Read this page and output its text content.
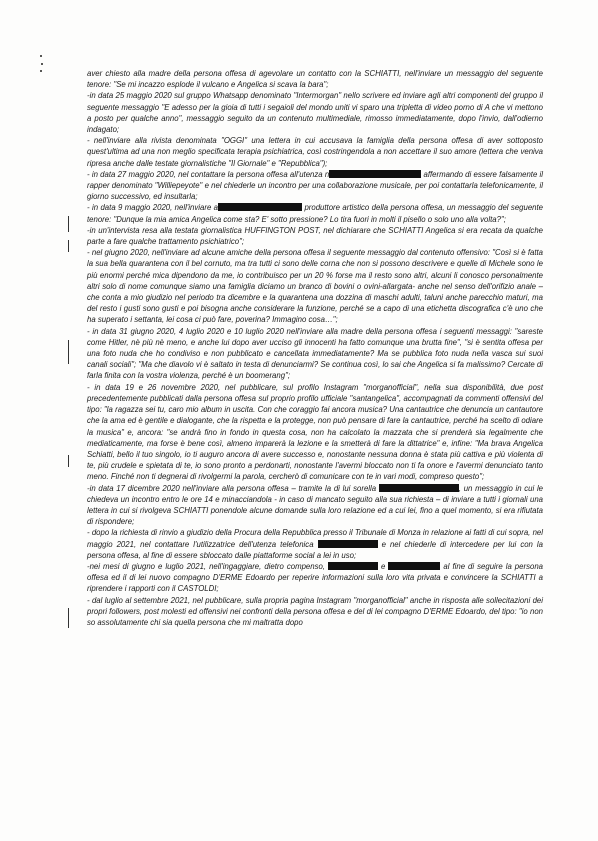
aver chiesto alla madre della persona offesa di agevolare un contatto con la SCHIATTI, nell'inviare un messaggio del seguente tenore: "Se mi incazzo esplode il vulcano e Angelica si scava la bara";

-in data 25 maggio 2020 sul gruppo Whatsapp denominato "Intermorgan" nello scrivere ed inviare agli altri componenti del gruppo il seguente messaggio "E adesso per la gioia di tutti i segaioli del mondo uniti vi sparo una tripletta di video porno di A che vi mettono a posto per qualche anno", messaggio seguito da un contenuto multimediale, rimosso immediatamente, dopo l'invio, dall'odierno indagato;

- nell'inviare alla rivista denominata "OGGI" una lettera in cui accusava la famiglia della persona offesa di aver sottoposto quest'ultima ad una non meglio specificata terapia psichiatrica, così costringendola a non accettare il suo amore (lettera che veniva ripresa anche dalle testate giornalistiche "Il Giornale" e "Repubblica");

- in data 27 maggio 2020, nel contattare la persona offesa all'utenza n	affermando di essere falsamente il rapper denominato "Williepeyote" e nel chiederle un incontro per una collaborazione musicale, per poi contattarla telefonicamente, il giorno successivo, ed insultarla;

- in data 9 maggio 2020, nell'inviare a	produttore artistico della persona offesa, un messaggio del seguente tenore: "Dunque la mia amica Angelica come sta? E' sotto pressione? Lo tira fuori in molti il pisello o solo uno alla volta?";

-in un'intervista resa alla testata giornalistica HUFFINGTON POST, nel dichiarare che SCHIATTI Angelica si era recata da qualche parte a fare qualche trattamento psichiatrico";

- nel giugno 2020, nell'inviare ad alcune amiche della persona offesa il seguente messaggio dal contenuto offensivo: "Così si è fatta la sua bella quarantena con il bel cornuto, ma tra tutti ci sono delle corna che non si possono descrivere e quelle di Michele sono le più enormi perché mica dipendono da me, io contribuisco per un 20 % forse ma il resto sono altri, alcuni li conosco personalmente altri solo di nome comunque siamo una famiglia diciamo un branco di bovini o ovini-allargata- anche nel senso dell'orifizio anale – che conta a mio giudizio nel periodo tra dicembre e la quarantena una dozzina di maschi adulti, taluni anche parecchio maturi, ma del resto i gusti sono gusti e poi bisogna anche considerare la funzione, perché se a capo di una etichetta discografica c'è uno che ha superato i settanta, lei cosa ci può fare, poverina? Immagino cosa…";

- in data 31 giugno 2020, 4 luglio 2020 e 10 luglio 2020 nell'inviare alla madre della persona offesa i seguenti messaggi: "sareste come Hitler, nè più nè meno, e anche lui dopo aver ucciso gli innocenti ha fatto comunque una brutta fine", "si è sentita offesa per una foto nuda che ho condiviso e non pubblicato e cancellata immediatamente? Ma se pubblica foto nuda nella vasca sui suoi canali sociali"; "Ma che diavolo vi è saltato in testa di denunciarmi? Se continua così, lo sai che Angelica si fa malissimo? Cercate di farla finita con la vostra violenza, perché è un boomerang";

- in data 19 e 26 novembre 2020, nel pubblicare, sul profilo Instagram "morganofficial", nella sua disponibilità, due post precedentemente pubblicati dalla persona offesa sul proprio profilo ufficiale "santangelica", accompagnati da commenti offensivi del tipo: "la ragazza sei tu, caro mio album in uscita. Con che coraggio fai ancora musica? Una cantautrice che denuncia un cantautore che la ama ed è gentile e dialogante, che la rispetta e la protegge, non può pensare di fare la cantautrice, perché ha scelto di odiare la musica" e, ancora: "se andrà fino in fondo in questa cosa, non ha calcolato la mazzata che si prenderà sia legalmente che mediaticamente, ma forse è bene così, almeno imparerà la lezione e la smetterà di fare la dittatrice" e, infine: "Ma brava Angelica Schiatti, bello il tuo singolo, io ti auguro ancora di avere successo e, nonostante nessuna donna è stata più cattiva e più violenta di te, più crudele e spietata di te, io sono pronto a perdonarti, nonostante l'avermi bloccato non ti fa onore e l'avermi denunciato tanto meno. Finché non ti degnerai di rivolgermi la parola, cercherò di comunicare con te in vari modi, compreso questo";

-in data 17 dicembre 2020 nell'inviare alla persona offesa – tramite la di lui sorella	, un messaggio in cui le chiedeva un incontro entro le ore 14 e minacciandola - in caso di mancato seguito alla sua richiesta – di inviare a tutti i giornali una lettera in cui si rivolgeva SCHIATTI ponendole alcune domande sulla loro relazione ed a cui lei, fino a quel momento, si era rifiutata di rispondere;

- dopo la richiesta di rinvio a giudizio della Procura della Repubblica presso il Tribunale di Monza in relazione ai fatti di cui sopra, nel maggio 2021, nel contattare l'utilizzatrice dell'utenza telefonica	e nel chiederle di intercedere per lui con la persona offesa, al fine di essere sbloccato dalle piattaforme social a lei in uso;

-nei mesi di giugno e luglio 2021, nell'ingaggiare, dietro compenso,	e	al fine di seguire la persona offesa ed il di lei nuovo compagno D'ERME Edoardo per reperire informazioni sulla loro vita privata e convincere la SCHIATTI a riprendere i rapporti con il CASTOLDI;

- dal luglio al settembre 2021, nel pubblicare, sulla propria pagina Instagram "morganofficial" anche in risposta alle sollecitazioni dei propri followers, post molesti ed offensivi nei confronti della persona offesa e del di lei compagno D'ERME Edoardo, del tipo: "io non so assolutamente chi sia quella persona che mi maltratta dopo
